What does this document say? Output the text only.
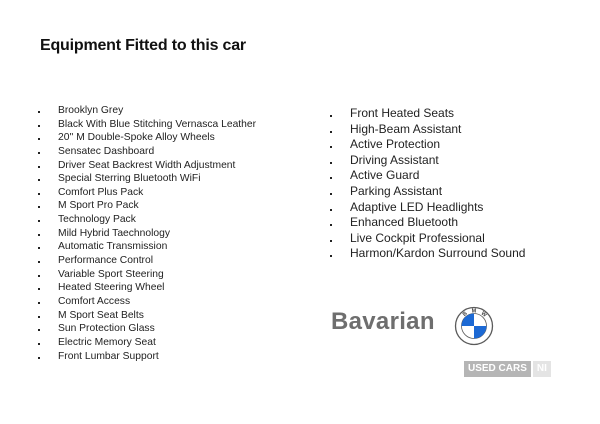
Equipment Fitted to this car
Brooklyn Grey
Black With Blue Stitching Vernasca Leather
20'' M Double-Spoke Alloy Wheels
Sensatec Dashboard
Driver Seat Backrest Width Adjustment
Special Sterring Bluetooth WiFi
Comfort Plus Pack
M Sport Pro Pack
Technology Pack
Mild Hybrid Taechnology
Automatic Transmission
Performance Control
Variable Sport Steering
Heated Steering Wheel
Comfort Access
M Sport Seat Belts
Sun Protection Glass
Electric Memory Seat
Front Lumbar Support
Front Heated Seats
High-Beam Assistant
Active Protection
Driving Assistant
Active Guard
Parking Assistant
Adaptive LED Headlights
Enhanced Bluetooth
Live Cockpit Professional
Harmon/Kardon Surround Sound
Bavarian	B M W
USED CARS	NI
